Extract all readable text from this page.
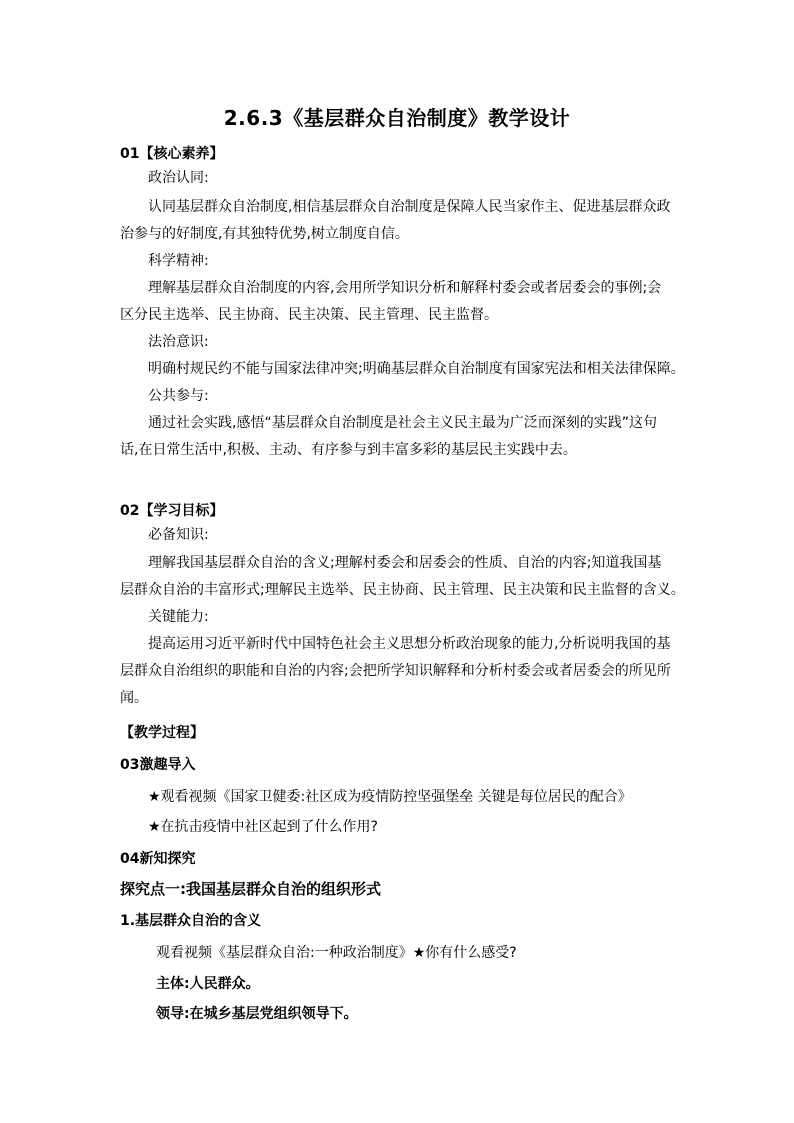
2.6.3《基层群众自治制度》教学设计
01【核心素养】
政治认同:
认同基层群众自治制度,相信基层群众自治制度是保障人民当家作主、促进基层群众政
治参与的好制度,有其独特优势,树立制度自信。
科学精神:
理解基层群众自治制度的内容,会用所学知识分析和解释村委会或者居委会的事例;会
区分民主选举、民主协商、民主决策、民主管理、民主监督。
法治意识:
明确村规民约不能与国家法律冲突;明确基层群众自治制度有国家宪法和相关法律保障。
公共参与:
通过社会实践,感悟“基层群众自治制度是社会主义民主最为广泛而深刻的实践”这句
话,在日常生活中,积极、主动、有序参与到丰富多彩的基层民主实践中去。
02【学习目标】
必备知识:
理解我国基层群众自治的含义;理解村委会和居委会的性质、自治的内容;知道我国基
层群众自治的丰富形式;理解民主选举、民主协商、民主管理、民主决策和民主监督的含义。
关键能力:
提高运用习近平新时代中国特色社会主义思想分析政治现象的能力,分析说明我国的基
层群众自治组织的职能和自治的内容;会把所学知识解释和分析村委会或者居委会的所见所
闻。
【教学过程】
03激趣导入
★观看视频《国家卫健委:社区成为疫情防控坚强堡垒 关键是每位居民的配合》
★在抗击疫情中社区起到了什么作用?
04新知探究
探究点一:我国基层群众自治的组织形式
1.基层群众自治的含义
观看视频《基层群众自治:一种政治制度》★你有什么感受?
主体:人民群众。
领导:在城乡基层党组织领导下。
